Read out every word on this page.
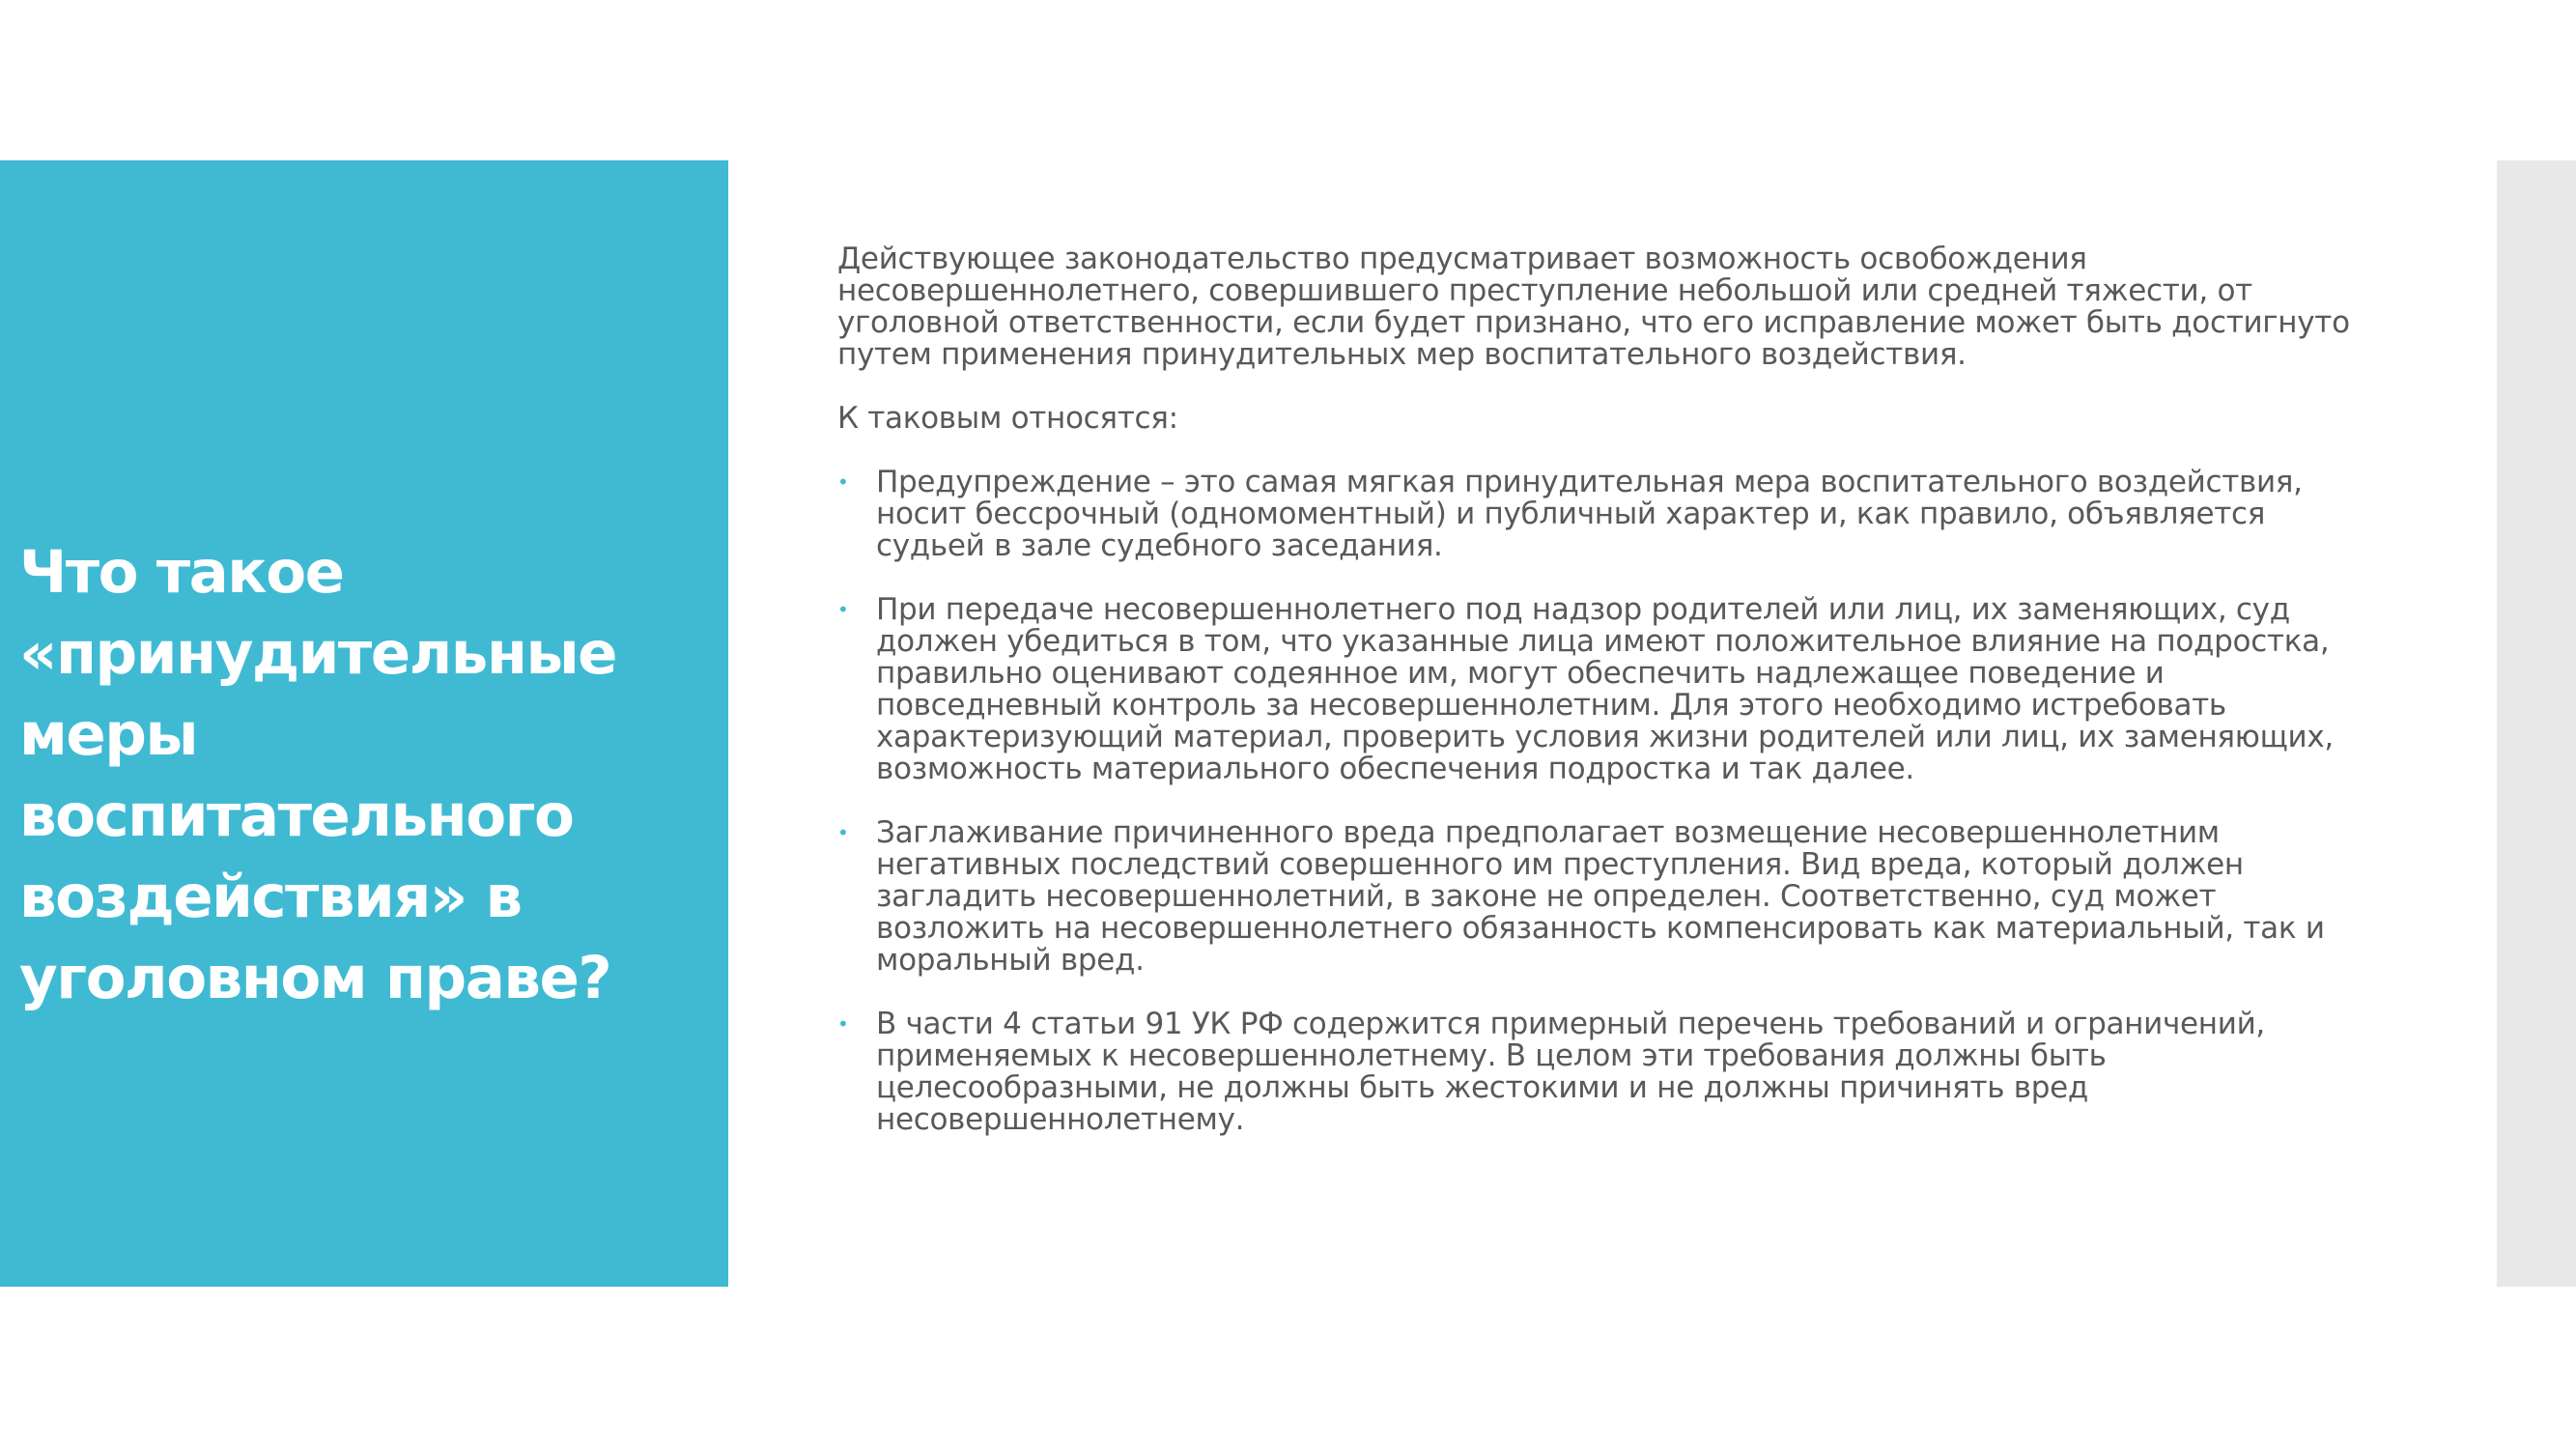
Что такое
«принудительные
меры
воспитательного
воздействия» в
уголовном праве?

Действующее законодательство предусматривает возможность освобождения несовершеннолетнего, совершившего преступление небольшой или средней тяжести, от уголовной ответственности, если будет признано, что его исправление может быть достигнуто путем применения принудительных мер воспитательного воздействия.

К таковым относятся:

• Предупреждение – это самая мягкая принудительная мера воспитательного воздействия, носит бессрочный (одномоментный) и публичный характер и, как правило, объявляется судьей в зале судебного заседания.

• При передаче несовершеннолетнего под надзор родителей или лиц, их заменяющих, суд должен убедиться в том, что указанные лица имеют положительное влияние на подростка, правильно оценивают содеянное им, могут обеспечить надлежащее поведение и повседневный контроль за несовершеннолетним. Для этого необходимо истребовать характеризующий материал, проверить условия жизни родителей или лиц, их заменяющих, возможность материального обеспечения подростка и так далее.

• Заглаживание причиненного вреда предполагает возмещение несовершеннолетним негативных последствий совершенного им преступления. Вид вреда, который должен загладить несовершеннолетний, в законе не определен. Соответственно, суд может возложить на несовершеннолетнего обязанность компенсировать как материальный, так и моральный вред.

• В части 4 статьи 91 УК РФ содержится примерный перечень требований и ограничений, применяемых к несовершеннолетнему. В целом эти требования должны быть целесообразными, не должны быть жестокими и не должны причинять вред несовершеннолетнему.
